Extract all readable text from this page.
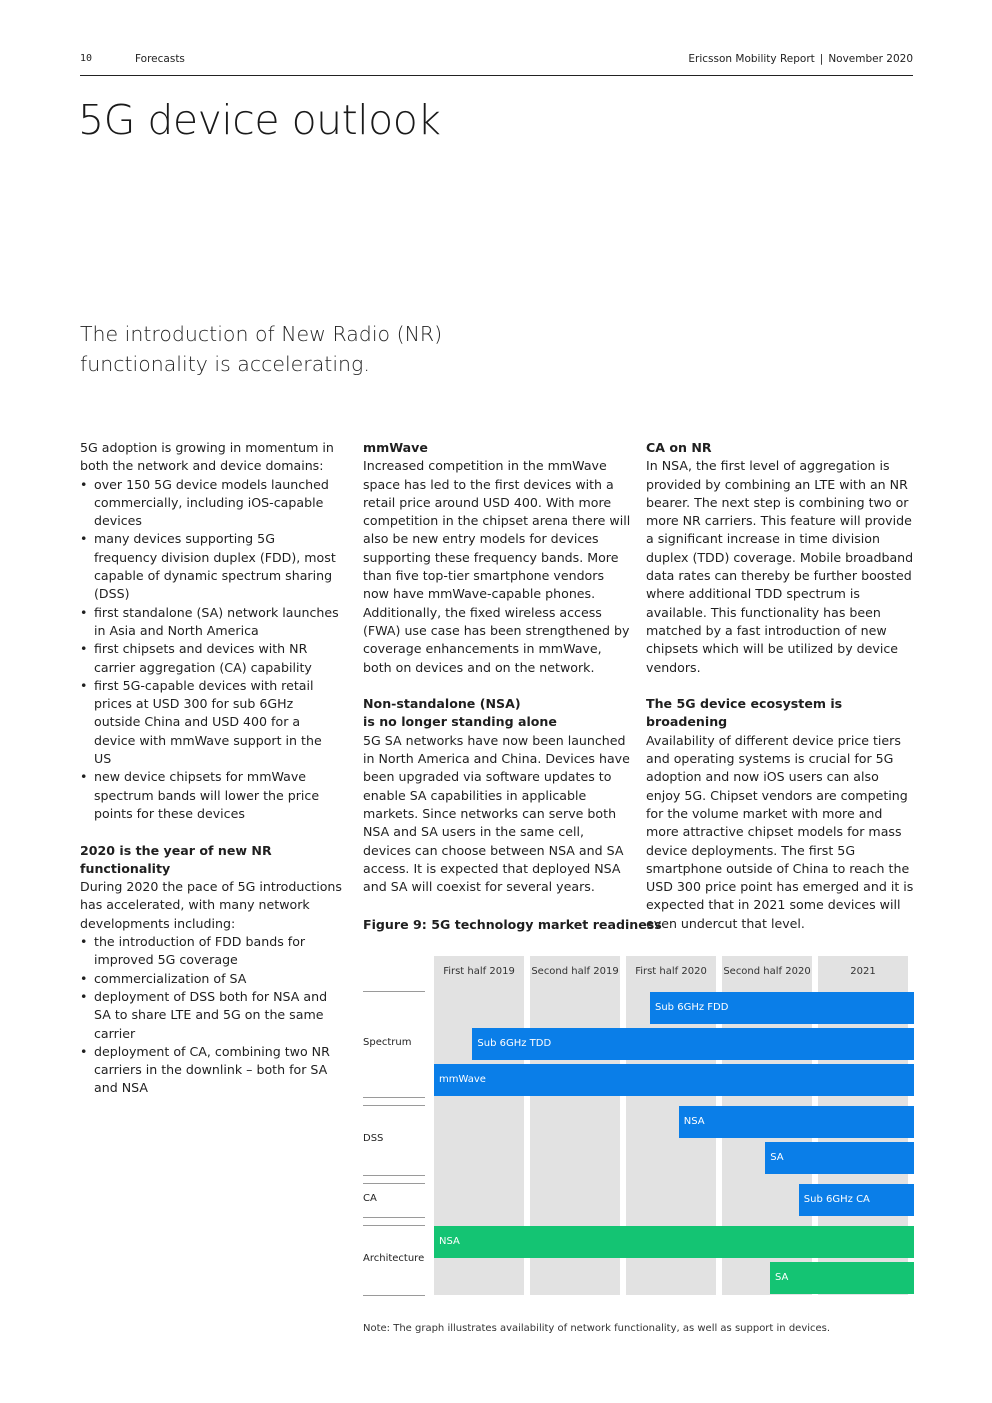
10	Forecasts	Ericsson Mobility Report | November 2020
5G device outlook

The introduction of New Radio (NR) functionality is accelerating.

5G adoption is growing in momentum in both the network and device domains:

• over 150 5G device models launched commercially, including iOS-capable devices
• many devices supporting 5G frequency division duplex (FDD), most capable of dynamic spectrum sharing (DSS)
• first standalone (SA) network launches in Asia and North America
• first chipsets and devices with NR carrier aggregation (CA) capability
• first 5G-capable devices with retail prices at USD 300 for sub 6GHz outside China and USD 400 for a device with mmWave support in the US
• new device chipsets for mmWave spectrum bands will lower the price points for these devices

2020 is the year of new NR functionality

During 2020 the pace of 5G introductions has accelerated, with many network developments including:

• the introduction of FDD bands for improved 5G coverage
• commercialization of SA
• deployment of DSS both for NSA and SA to share LTE and 5G on the same carrier
• deployment of CA, combining two NR carriers in the downlink – both for SA and NSA

mmWave

Increased competition in the mmWave space has led to the first devices with a retail price around USD 400. With more competition in the chipset arena there will also be new entry models for devices supporting these frequency bands. More than five top-tier smartphone vendors now have mmWave-capable phones. Additionally, the fixed wireless access (FWA) use case has been strengthened by coverage enhancements in mmWave, both on devices and on the network.

Non-standalone (NSA)

is no longer standing alone

5G SA networks have now been launched in North America and China. Devices have been upgraded via software updates to enable SA capabilities in applicable markets. Since networks can serve both NSA and SA users in the same cell, devices can choose between NSA and SA access. It is expected that deployed NSA and SA will coexist for several years.

CA on NR

In NSA, the first level of aggregation is provided by combining an LTE with an NR bearer. The next step is combining two or more NR carriers. This feature will provide a significant increase in time division duplex (TDD) coverage. Mobile broadband data rates can thereby be further boosted where additional TDD spectrum is available. This functionality has been matched by a fast introduction of new chipsets which will be utilized by device vendors.

The 5G device ecosystem is broadening

Availability of different device price tiers and operating systems is crucial for 5G adoption and now iOS users can also enjoy 5G. Chipset vendors are competing for the volume market with more and more attractive chipset models for mass device deployments. The first 5G smartphone outside of China to reach the USD 300 price point has emerged and it is expected that in 2021 some devices will even undercut that level.

Figure 9: 5G technology market readiness

First half 2019	Second half 2019	First half 2020	Second half 2020	2021
Sub 6GHz FDD
Sub 6GHz TDD
mmWave
Spectrum
NSA
SA
DSS
Sub 6GHz CA
CA
NSA
SA
Architecture

Note: The graph illustrates availability of network functionality, as well as support in devices.
